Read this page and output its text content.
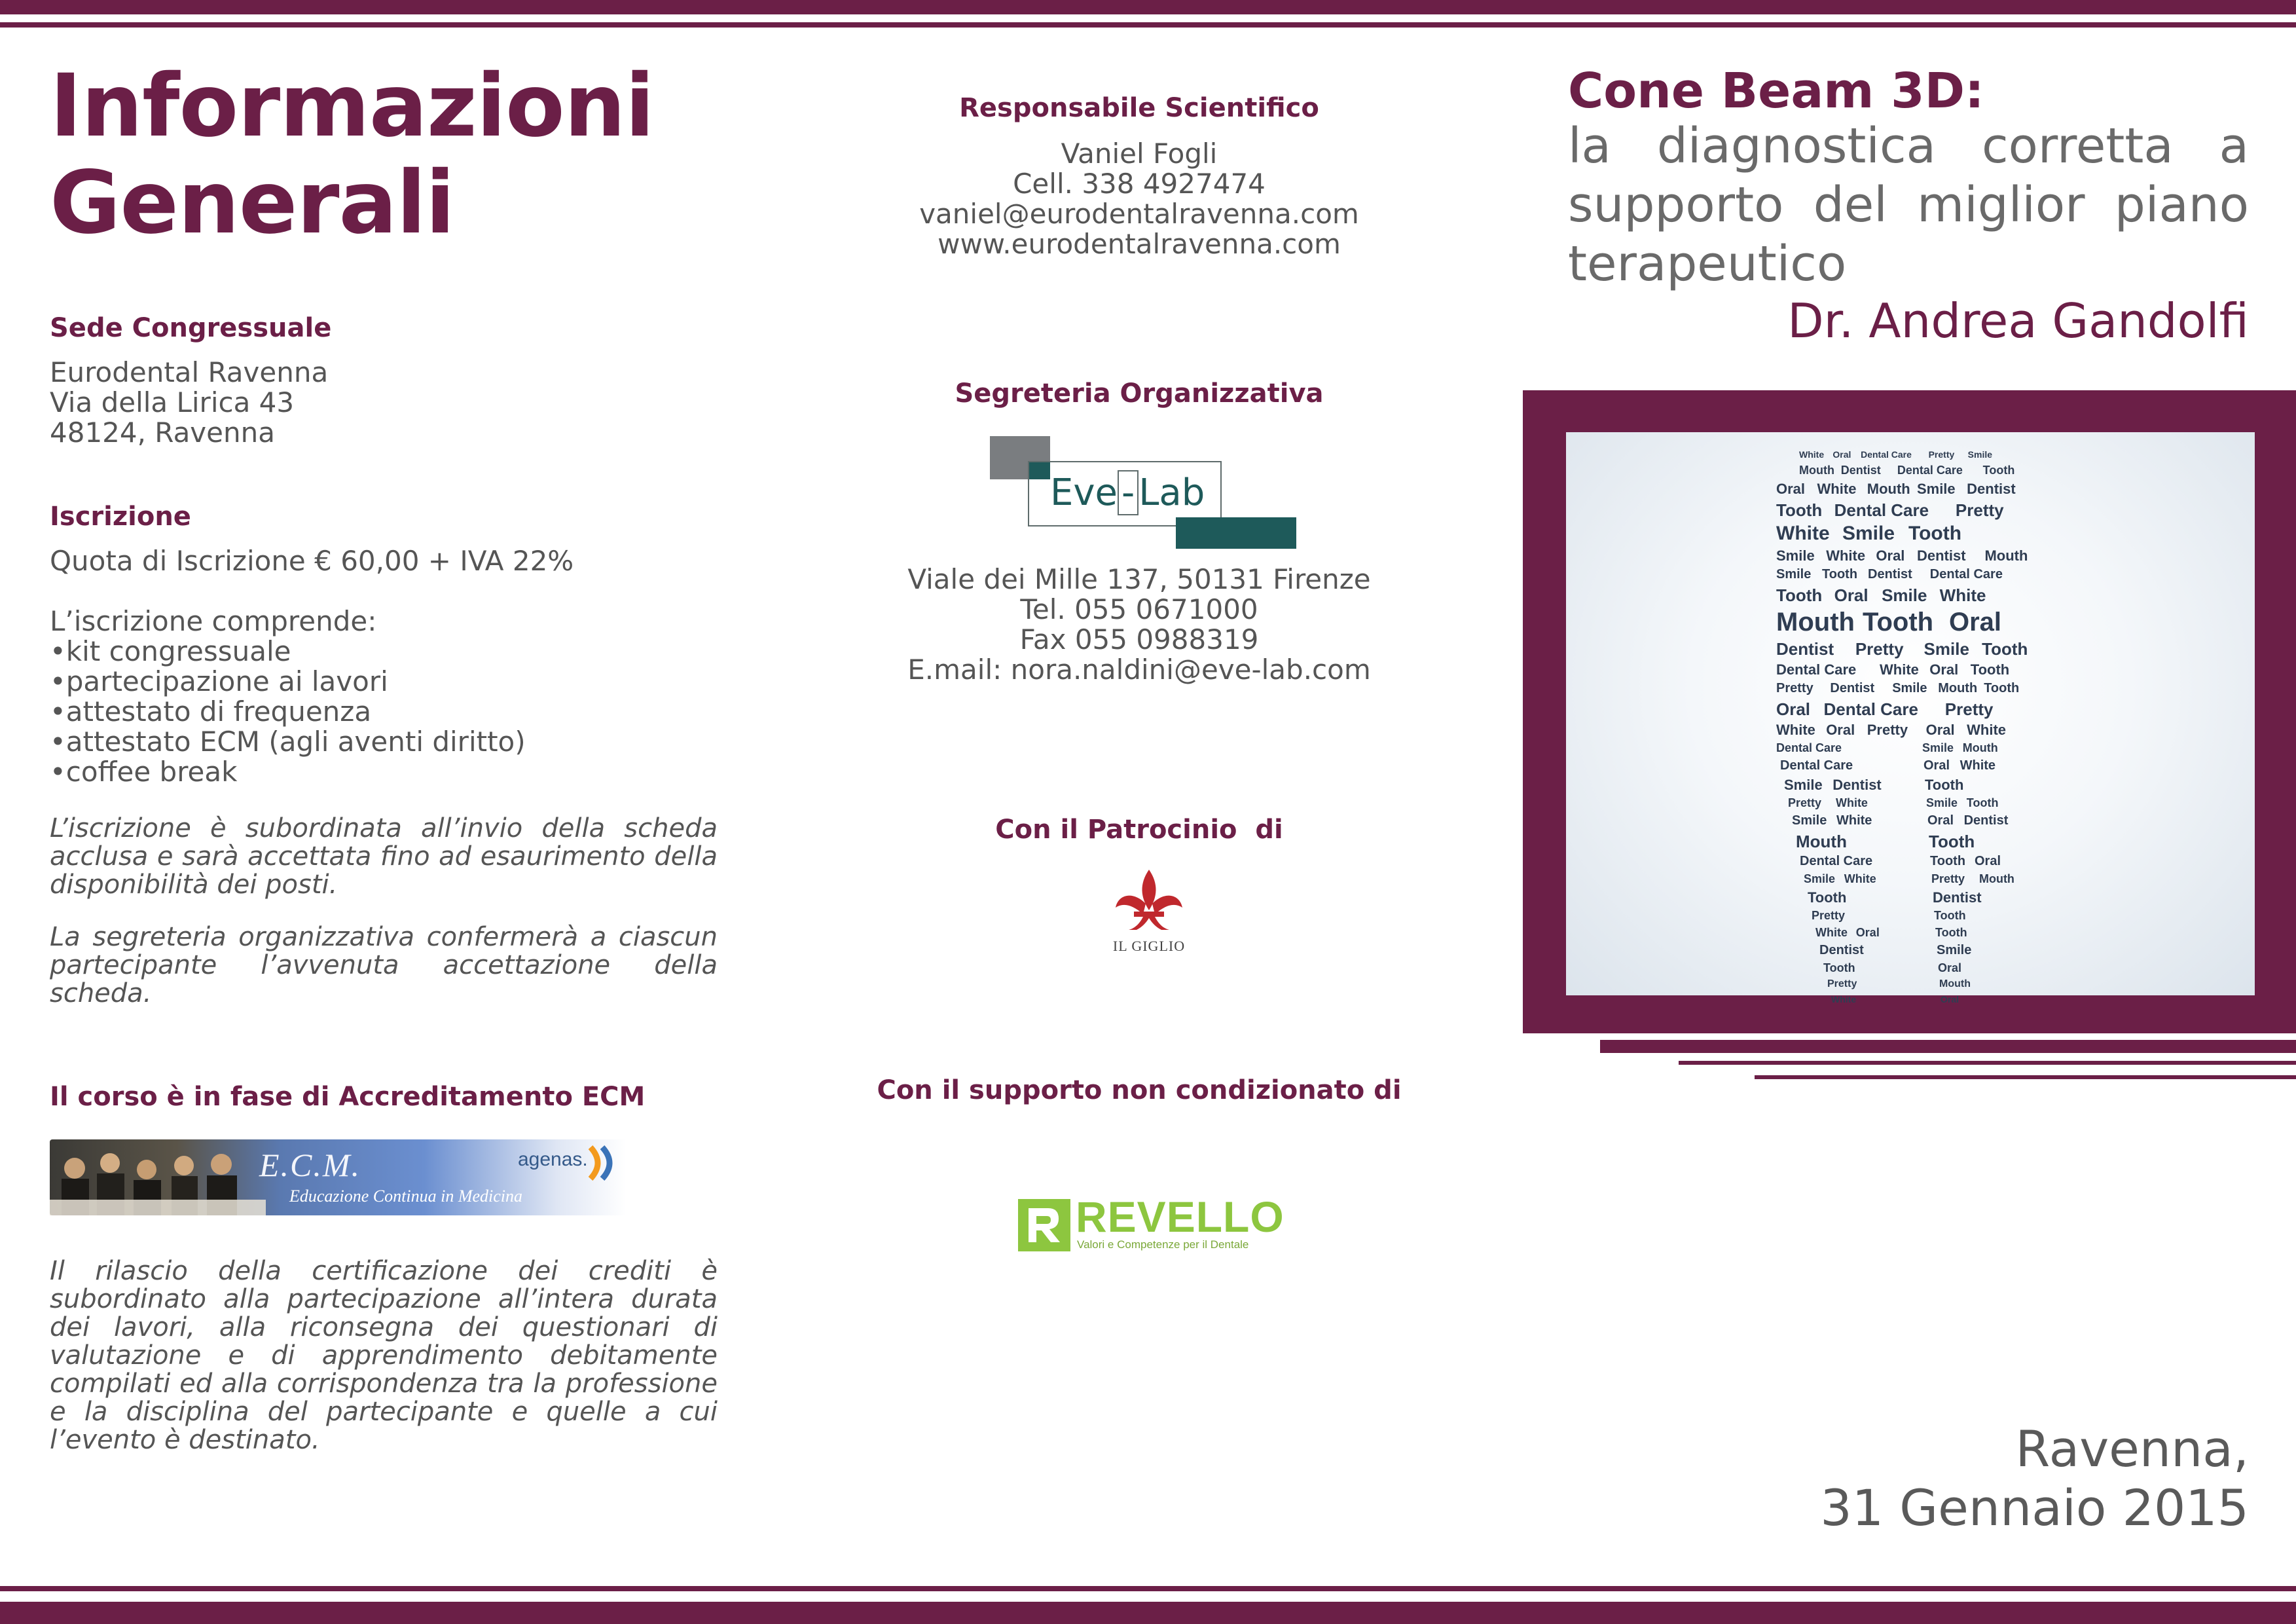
Informazioni
Generali
Sede Congressuale
Eurodental Ravenna
Via della Lirica 43
48124, Ravenna
Iscrizione
Quota di Iscrizione € 60,00 + IVA 22%
L’iscrizione comprende:
•kit congressuale
•partecipazione ai lavori
•attestato di frequenza
•attestato ECM (agli aventi diritto)
•coffee break
L’iscrizione è subordinata all’invio della scheda acclusa e sarà accettata fino ad esaurimento della disponibilità dei posti.
La segreteria organizzativa confermerà a ciascun partecipante l’avvenuta accettazione della scheda.
Il corso è in fase di Accreditamento ECM
E.C.M.
Educazione Continua in Medicina
agenas.
Il rilascio della certificazione dei crediti è subordinato alla partecipazione all’intera durata dei lavori, alla riconsegna dei questionari di valutazione e di apprendimento debitamente compilati ed alla corrispondenza tra la professione e la disciplina del partecipante e quelle a cui l’evento è destinato.
Responsabile Scientifico
Vaniel Fogli
Cell. 338 4927474
vaniel@eurodentalravenna.com
www.eurodentalravenna.com
Segreteria Organizzativa
Eve - Lab
Viale dei Mille 137, 50131 Firenze
Tel. 055 0671000
Fax 055 0988319
E.mail: nora.naldini@eve-lab.com
Con il Patrocinio  di
IL GIGLIO
Con il supporto non condizionato di
REVELLO
Valori e Competenze per il Dentale
Cone Beam 3D:
la diagnostica corretta a supporto del miglior piano terapeutico
Dr. Andrea Gandolfi
White Oral Dental Care Pretty Smile
Mouth Dentist Dental Care Tooth
Oral White Mouth Smile Dentist
Tooth Dental Care Pretty
White Smile Tooth
Smile White Oral Dentist Mouth
Smile Tooth Dentist Dental Care
Tooth Oral Smile White
Mouth Tooth Oral
Dentist Pretty Smile Tooth
Dental Care White Oral Tooth
Pretty Dentist Smile Mouth Tooth
Oral Dental Care Pretty
White Oral Pretty Oral White
Dental Care	Smile Mouth
Dental Care	Oral White
Smile Dentist	Tooth
Pretty White	Smile Tooth
Smile White	Oral Dentist
Mouth	Tooth
Dental Care	Tooth Oral
Smile White	Pretty Mouth
Tooth	Dentist
Pretty	Tooth
White Oral	Tooth
Dentist	Smile
Tooth	Oral
Pretty	Mouth
White	Oral
Ravenna,
31 Gennaio 2015
